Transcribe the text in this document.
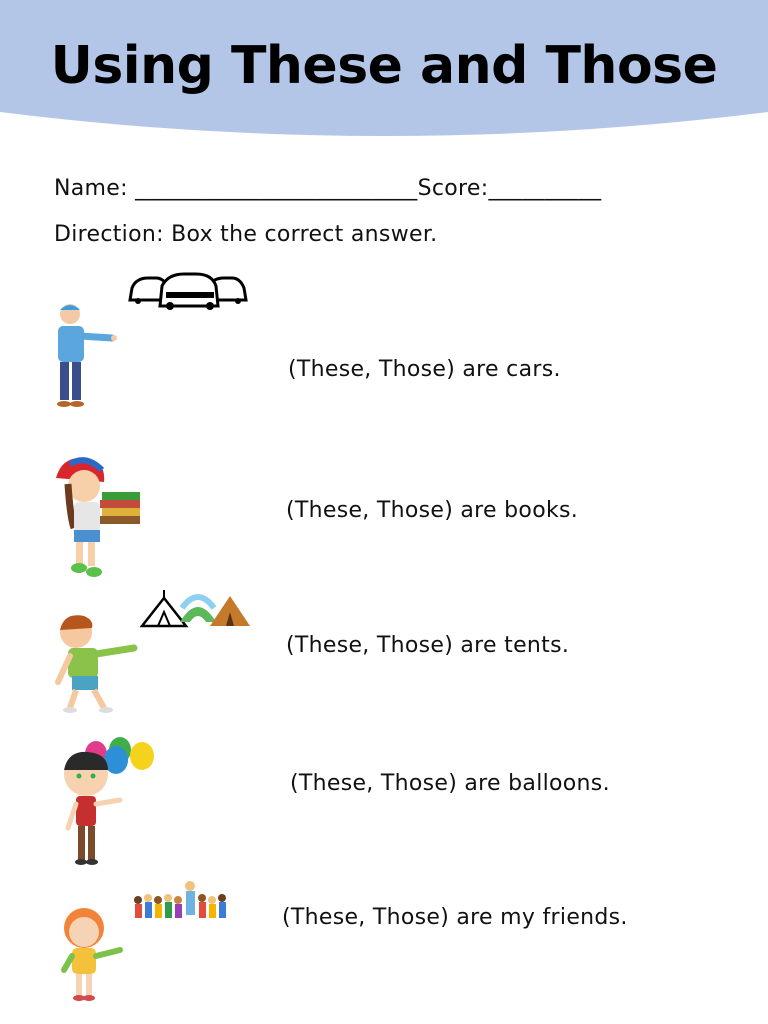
Using These and Those
Name: _________________________Score:__________
Direction: Box the correct answer.
(These, Those) are cars.
(These, Those) are books.
(These, Those) are tents.
(These, Those) are balloons.
(These, Those) are my friends.
